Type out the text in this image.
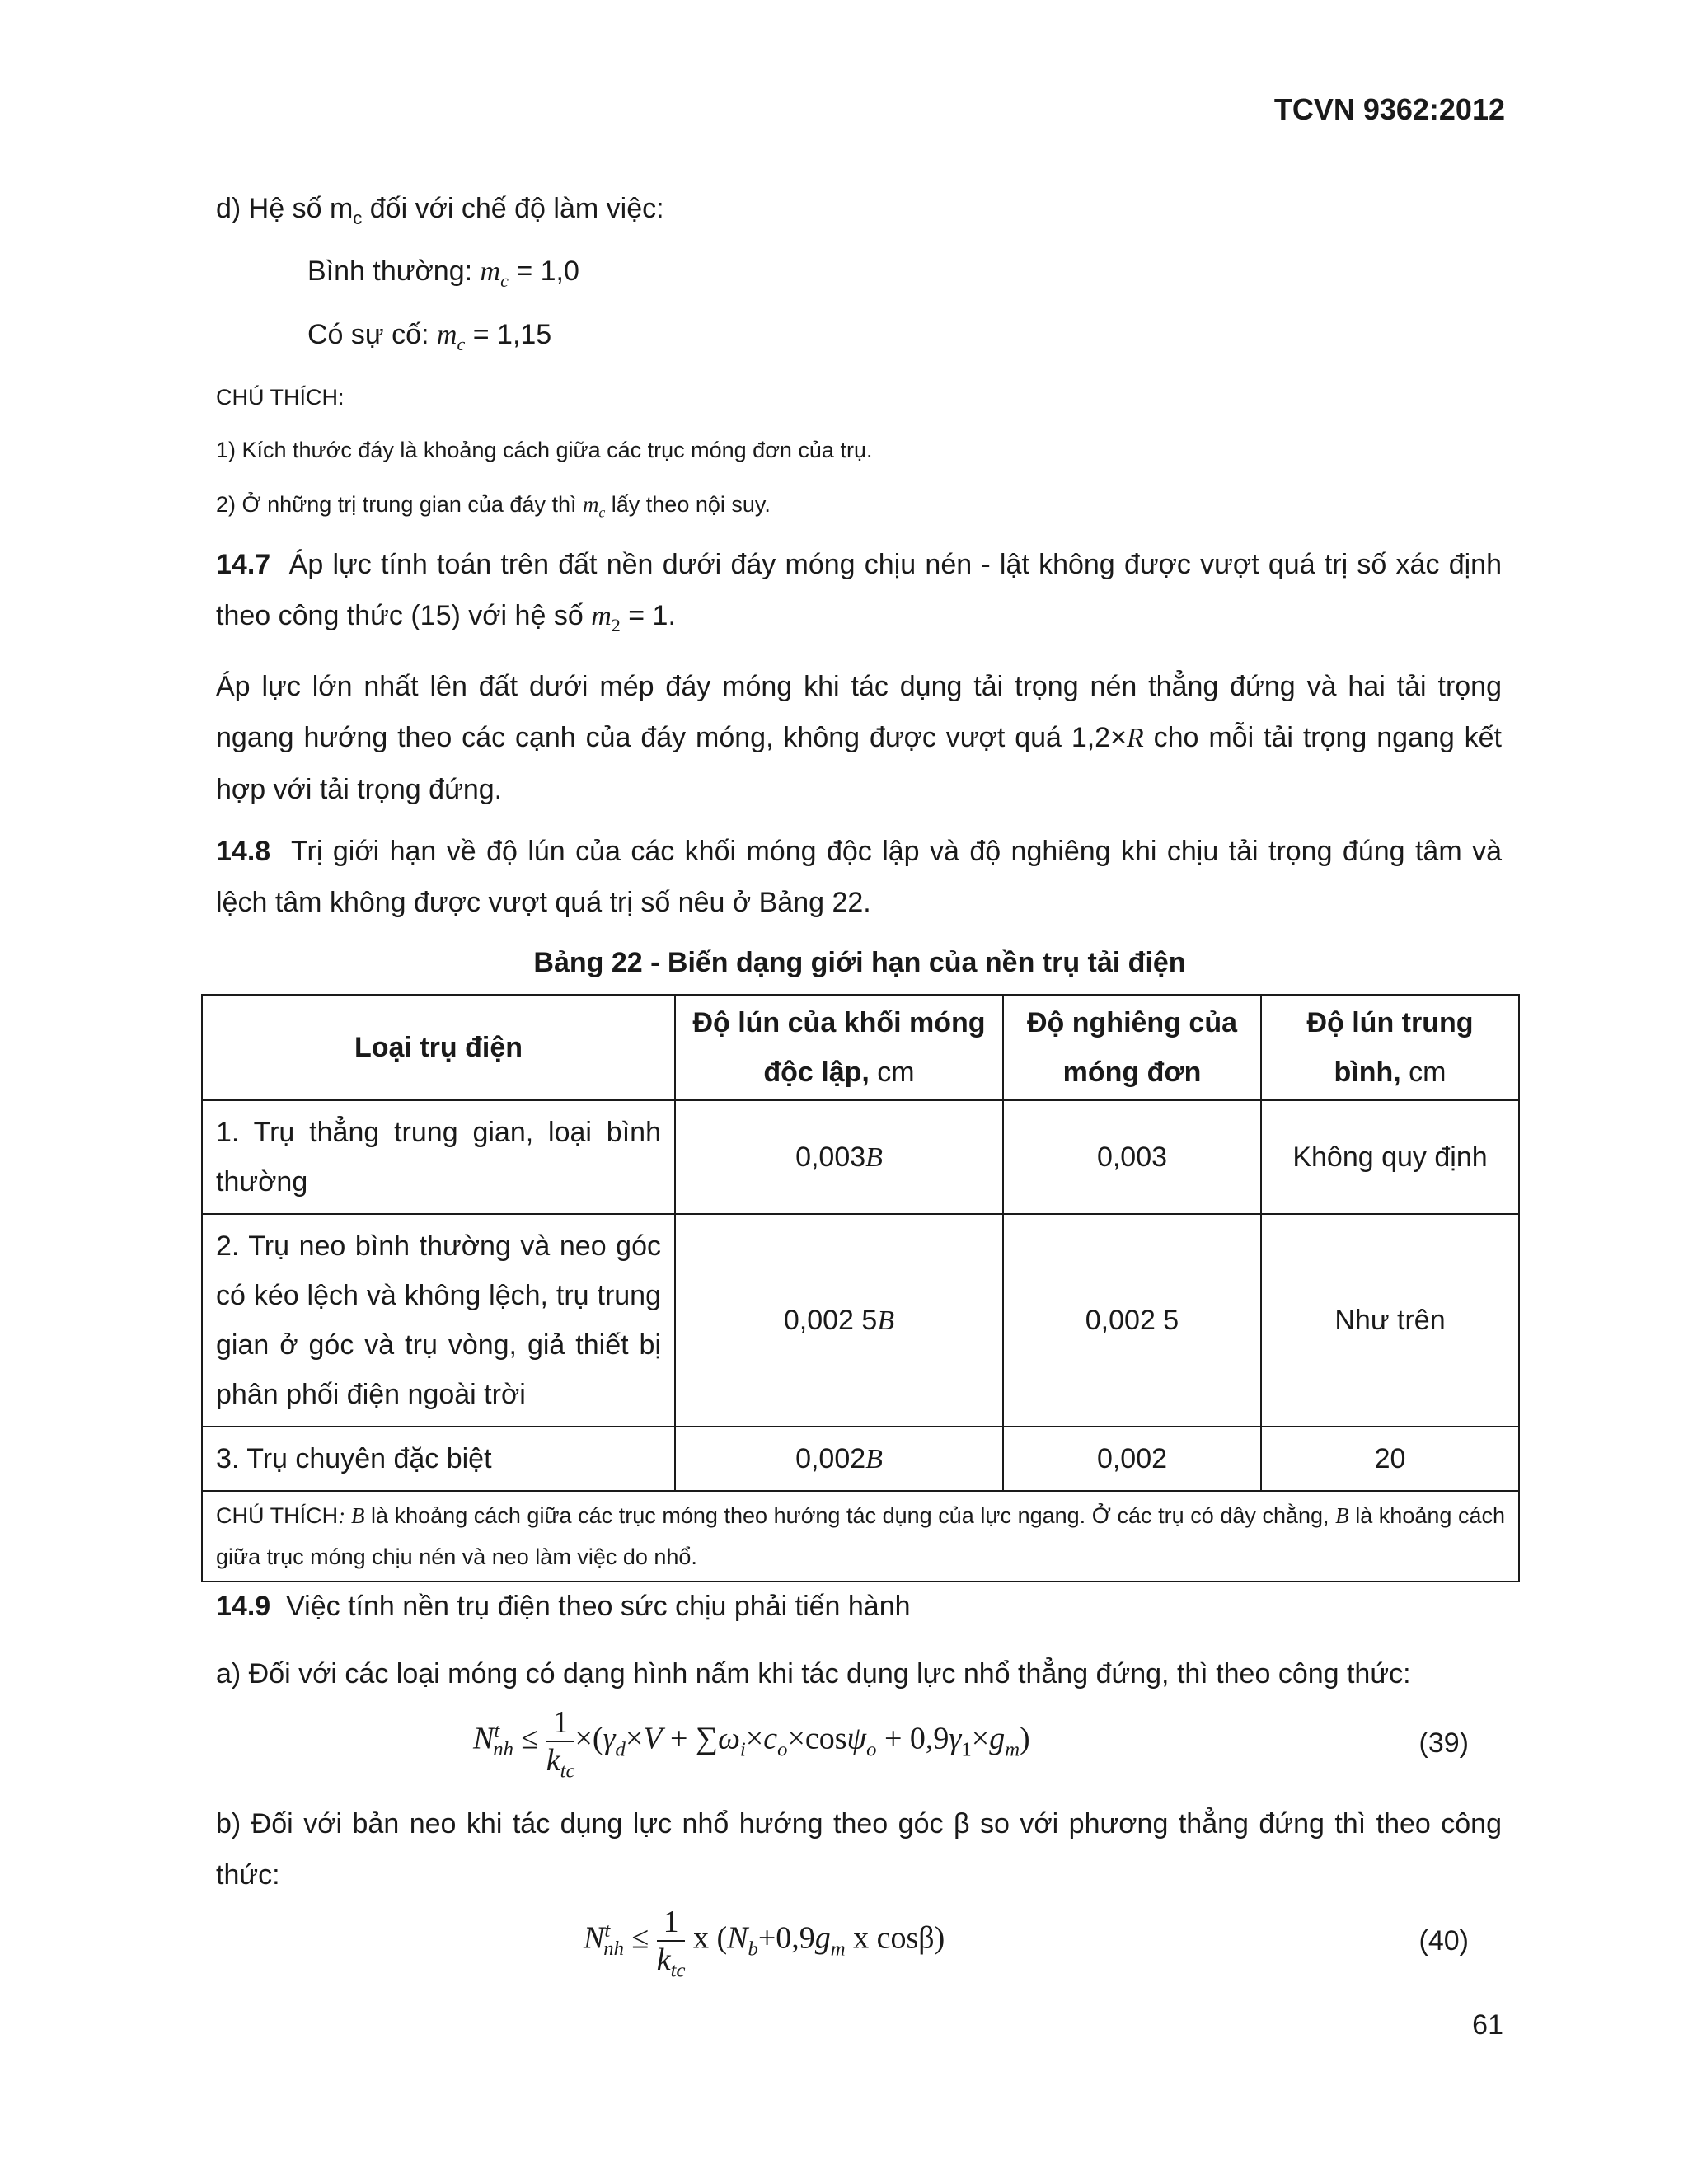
TCVN 9362:2012
d) Hệ số $m_c$ đối với chế độ làm việc:
Bình thường: $m_c = 1,0$
Có sự cố: $m_c = 1,15$
CHÚ THÍCH:
1) Kích thước đáy là khoảng cách giữa các trục móng đơn của trụ.
2) Ở những trị trung gian của đáy thì $m_c$ lấy theo nội suy.
14.7 Áp lực tính toán trên đất nền dưới đáy móng chịu nén - lật không được vượt quá trị số xác định theo công thức (15) với hệ số $m_2 = 1$.
Áp lực lớn nhất lên đất dưới mép đáy móng khi tác dụng tải trọng nén thẳng đứng và hai tải trọng ngang hướng theo các cạnh của đáy móng, không được vượt quá 1,2×R cho mỗi tải trọng ngang kết hợp với tải trọng đứng.
14.8 Trị giới hạn về độ lún của các khối móng độc lập và độ nghiêng khi chịu tải trọng đúng tâm và lệch tâm không được vượt quá trị số nêu ở Bảng 22.
Bảng 22 - Biến dạng giới hạn của nền trụ tải điện
Loại trụ điện	Độ lún của khối móng độc lập, cm	Độ nghiêng của móng đơn	Độ lún trung bình, cm
1. Trụ thẳng trung gian, loại bình thường	0,003B	0,003	Không quy định
2. Trụ neo bình thường và neo góc có kéo lệch và không lệch, trụ trung gian ở góc và trụ vòng, giả thiết bị phân phối điện ngoài trời	0,002 5B	0,002 5	Như trên
3. Trụ chuyên đặc biệt	0,002B	0,002	20
CHÚ THÍCH: B là khoảng cách giữa các trục móng theo hướng tác dụng của lực ngang. Ở các trụ có dây chằng, B là khoảng cách giữa trục móng chịu nén và neo làm việc do nhổ.			
14.9 Việc tính nền trụ điện theo sức chịu phải tiến hành
a) Đối với các loại móng có dạng hình nấm khi tác dụng lực nhổ thẳng đứng, thì theo công thức:
$N^t_{nh} \le \frac{1}{k_{tc}} \times(\gamma_d\times V + \sum\omega_i\times c_o\times\cos\psi_o + 0,9\gamma_1\times g_m)$	(39)
b) Đối với bản neo khi tác dụng lực nhổ hướng theo góc β so với phương thẳng đứng thì theo công thức:
$N^t_{nh} \le \frac{1}{k_{tc}}$ x ($N_b+0,9g_m$ x cosβ)	(40)
61
